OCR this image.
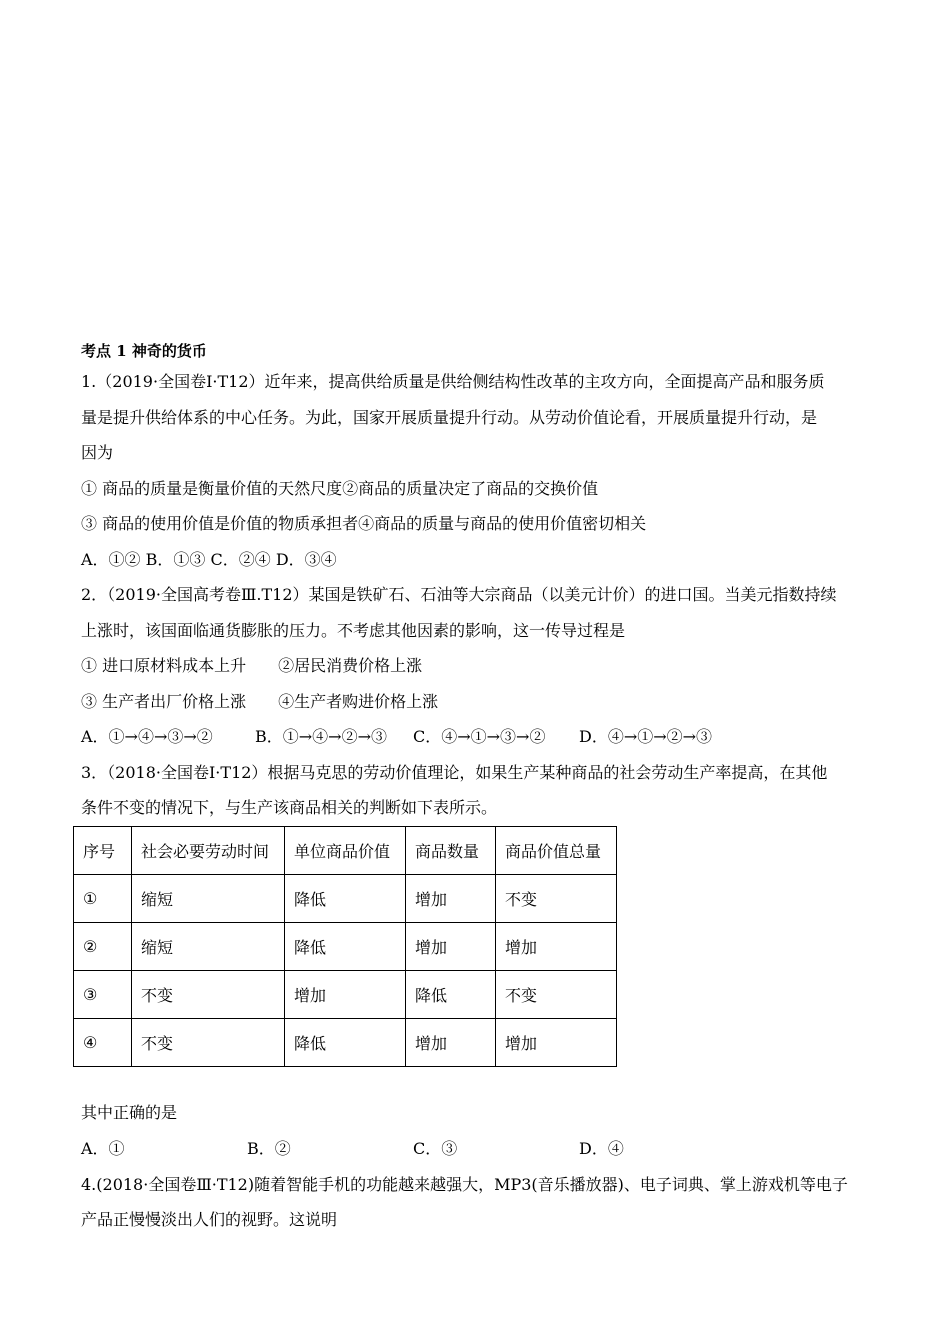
考点 1 神奇的货币
1.（2019·全国卷Ⅰ·T12）近年来，提高供给质量是供给侧结构性改革的主攻方向，全面提高产品和服务质
量是提升供给体系的中心任务。为此，国家开展质量提升行动。从劳动价值论看，开展质量提升行动，是
因为
① 商品的质量是衡量价值的天然尺度②商品的质量决定了商品的交换价值
③ 商品的使用价值是价值的物质承担者④商品的质量与商品的使用价值密切相关
A．①② B．①③ C．②④ D．③④
2．（2019·全国高考卷Ⅲ.T12）某国是铁矿石、石油等大宗商品（以美元计价）的进口国。当美元指数持续
上涨时，该国面临通货膨胀的压力。不考虑其他因素的影响，这一传导过程是
① 进口原材料成本上升 ②居民消费价格上涨
③ 生产者出厂价格上涨 ④生产者购进价格上涨
A．①→④→③→②	B．①→④→②→③	C．④→①→③→②	D．④→①→②→③
3．（2018·全国卷Ⅰ·T12）根据马克思的劳动价值理论，如果生产某种商品的社会劳动生产率提高，在其他
条件不变的情况下，与生产该商品相关的判断如下表所示。
序号	社会必要劳动时间	单位商品价值	商品数量	商品价值总量
①	缩短	降低	增加	不变
②	缩短	降低	增加	增加
③	不变	增加	降低	不变
④	不变	降低	增加	增加
其中正确的是
A．①	B．②	C．③	D．④
4.(2018·全国卷Ⅲ·T12)随着智能手机的功能越来越强大，MP3(音乐播放器)、电子词典、掌上游戏机等电子
产品正慢慢淡出人们的视野。这说明
